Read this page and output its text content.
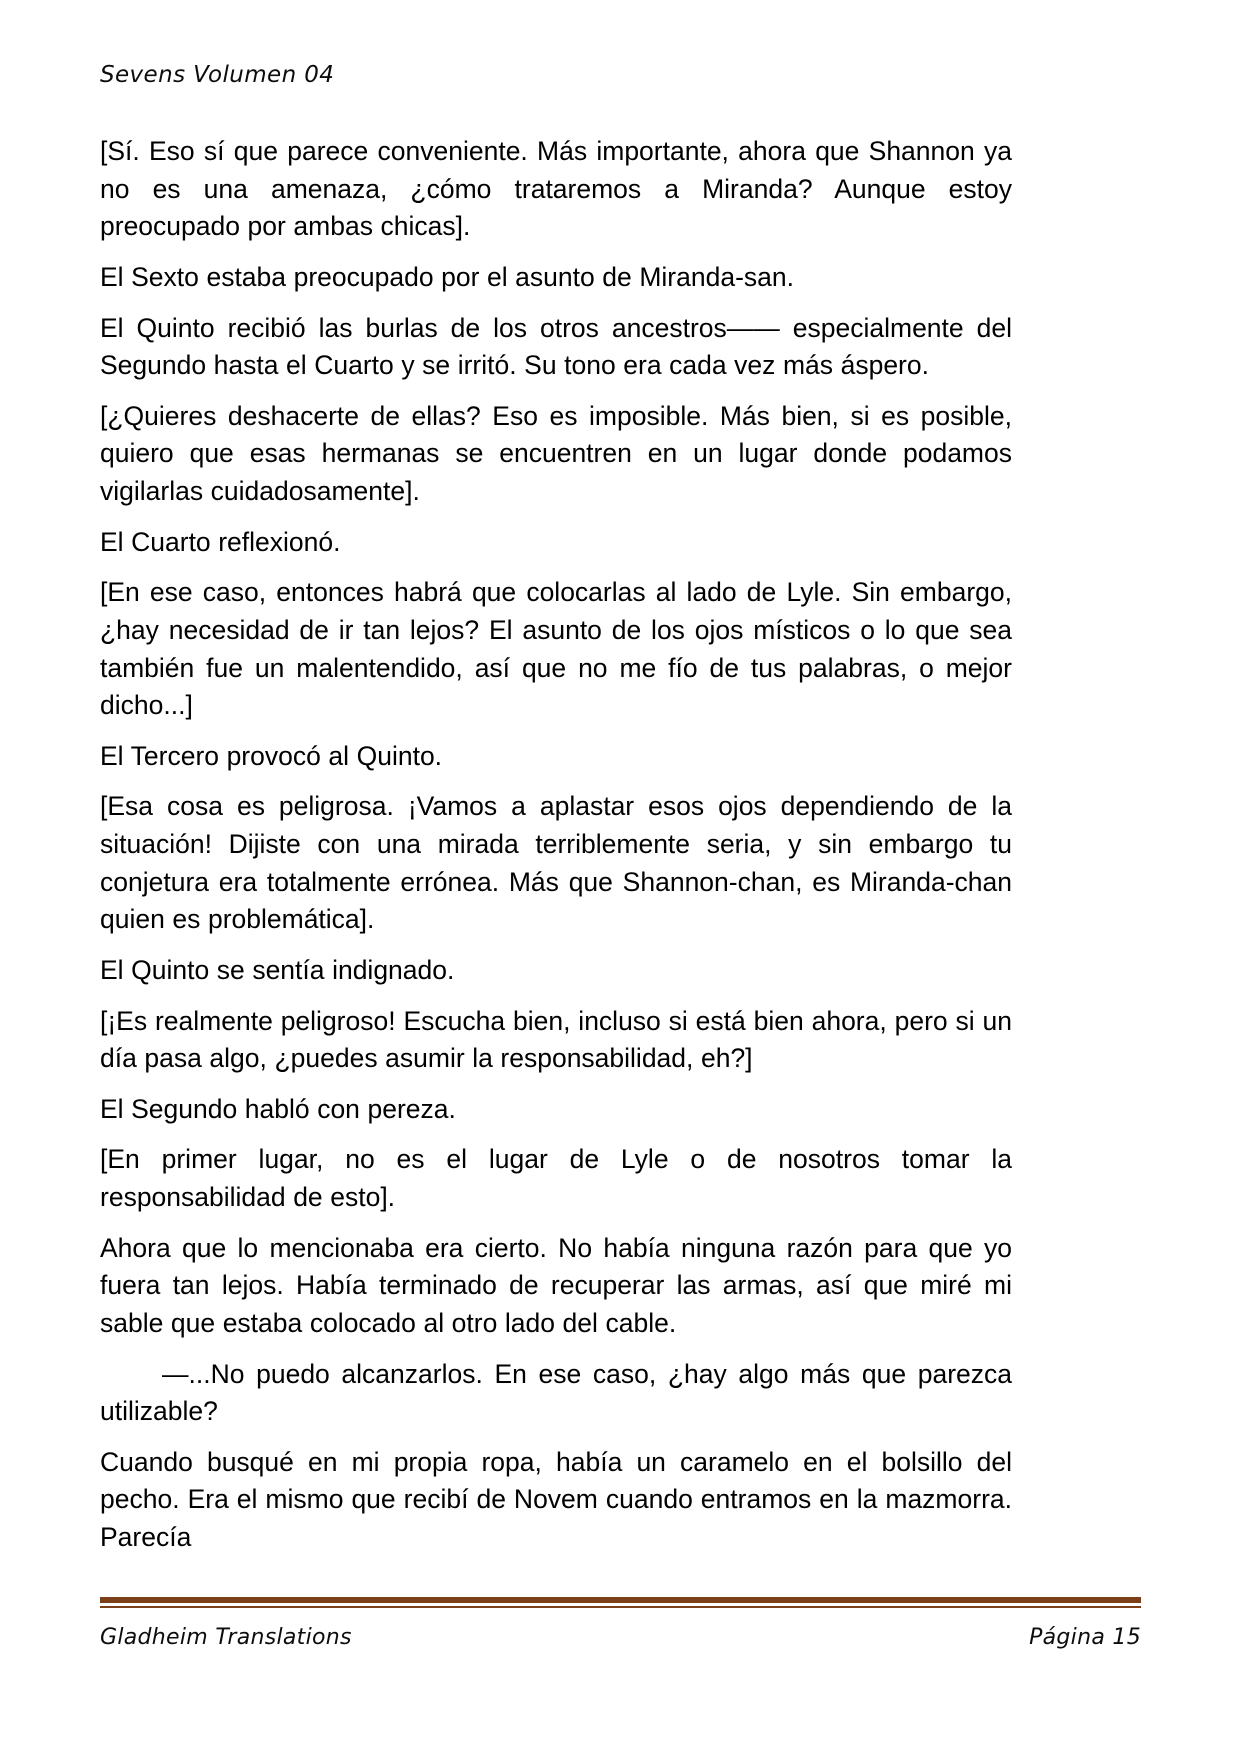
Sevens Volumen 04

[Sí. Eso sí que parece conveniente. Más importante, ahora que Shannon ya no es una amenaza, ¿cómo trataremos a Miranda? Aunque estoy preocupado por ambas chicas].

El Sexto estaba preocupado por el asunto de Miranda-san.

El Quinto recibió las burlas de los otros ancestros—— especialmente del Segundo hasta el Cuarto y se irritó. Su tono era cada vez más áspero.

[¿Quieres deshacerte de ellas? Eso es imposible. Más bien, si es posible, quiero que esas hermanas se encuentren en un lugar donde podamos vigilarlas cuidadosamente].

El Cuarto reflexionó.

[En ese caso, entonces habrá que colocarlas al lado de Lyle. Sin embargo, ¿hay necesidad de ir tan lejos? El asunto de los ojos místicos o lo que sea también fue un malentendido, así que no me fío de tus palabras, o mejor dicho...]

El Tercero provocó al Quinto.

[Esa cosa es peligrosa. ¡Vamos a aplastar esos ojos dependiendo de la situación! Dijiste con una mirada terriblemente seria, y sin embargo tu conjetura era totalmente errónea. Más que Shannon-chan, es Miranda-chan quien es problemática].

El Quinto se sentía indignado.

[¡Es realmente peligroso! Escucha bien, incluso si está bien ahora, pero si un día pasa algo, ¿puedes asumir la responsabilidad, eh?]

El Segundo habló con pereza.

[En primer lugar, no es el lugar de Lyle o de nosotros tomar la responsabilidad de esto].

Ahora que lo mencionaba era cierto. No había ninguna razón para que yo fuera tan lejos. Había terminado de recuperar las armas, así que miré mi sable que estaba colocado al otro lado del cable.

—...No puedo alcanzarlos. En ese caso, ¿hay algo más que parezca utilizable?

Cuando busqué en mi propia ropa, había un caramelo en el bolsillo del pecho. Era el mismo que recibí de Novem cuando entramos en la mazmorra. Parecía

Gladheim Translations	Página 15
